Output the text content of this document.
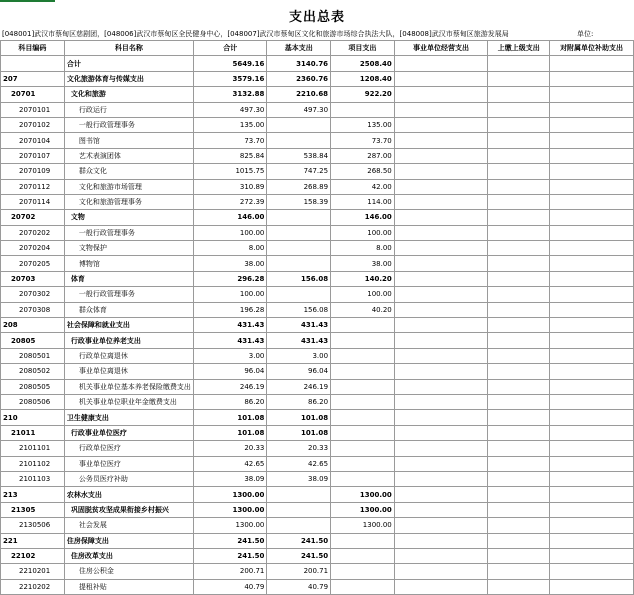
支出总表
[048001]武汉市蔡甸区慈剧团，[048006]武汉市蔡甸区全民健身中心，[048007]武汉市蔡甸区文化和旅游市场综合执法大队，[048008]武汉市蔡甸区旅游发展局	单位:
科目编码	科目名称	合计	基本支出	项目支出	事业单位经营支出	上缴上级支出	对附属单位补助支出
	合计	5649.16	3140.76	2508.40			
207	文化旅游体育与传媒支出	3579.16	2360.76	1208.40			
20701	文化和旅游	3132.88	2210.68	922.20			
2070101	行政运行	497.30	497.30				
2070102	一般行政管理事务	135.00		135.00			
2070104	图书馆	73.70		73.70			
2070107	艺术表演团体	825.84	538.84	287.00			
2070109	群众文化	1015.75	747.25	268.50			
2070112	文化和旅游市场管理	310.89	268.89	42.00			
2070114	文化和旅游管理事务	272.39	158.39	114.00			
20702	文物	146.00		146.00			
2070202	一般行政管理事务	100.00		100.00			
2070204	文物保护	8.00		8.00			
2070205	博物馆	38.00		38.00			
20703	体育	296.28	156.08	140.20			
2070302	一般行政管理事务	100.00		100.00			
2070308	群众体育	196.28	156.08	40.20			
208	社会保障和就业支出	431.43	431.43				
20805	行政事业单位养老支出	431.43	431.43				
2080501	行政单位离退休	3.00	3.00				
2080502	事业单位离退休	96.04	96.04				
2080505	机关事业单位基本养老保险缴费支出	246.19	246.19				
2080506	机关事业单位职业年金缴费支出	86.20	86.20				
210	卫生健康支出	101.08	101.08				
21011	行政事业单位医疗	101.08	101.08				
2101101	行政单位医疗	20.33	20.33				
2101102	事业单位医疗	42.65	42.65				
2101103	公务员医疗补助	38.09	38.09				
213	农林水支出	1300.00		1300.00			
21305	巩固脱贫攻坚成果衔接乡村振兴	1300.00		1300.00			
2130506	社会发展	1300.00		1300.00			
221	住房保障支出	241.50	241.50				
22102	住房改革支出	241.50	241.50				
2210201	住房公积金	200.71	200.71				
2210202	提租补贴	40.79	40.79				
